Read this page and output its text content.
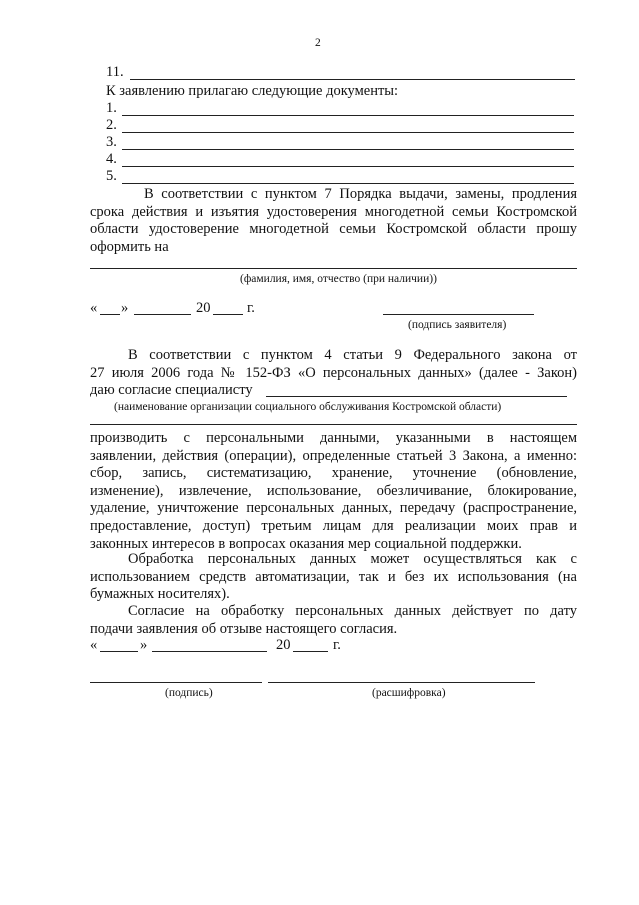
2
11.
К заявлению прилагаю следующие документы:
1.
2.
3.
4.
5.
В соответствии с пунктом 7 Порядка выдачи, замены, продления
срока действия и изъятия удостоверения многодетной семьи Костромской
области удостоверение многодетной семьи Костромской области прошу
оформить на
(фамилия, имя, отчество (при наличии))
« »	20	г.
(подпись заявителя)
В соответствии с пунктом 4 статьи 9 Федерального закона от
27 июля 2006 года № 152-ФЗ «О персональных данных» (далее - Закон)
даю согласие специалисту
(наименование организации социального обслуживания Костромской области)
производить с персональными данными, указанными в настоящем
заявлении, действия (операции), определенные статьей 3 Закона, а именно:
сбор, запись, систематизацию, хранение, уточнение (обновление,
изменение), извлечение, использование, обезличивание, блокирование,
удаление, уничтожение персональных данных, передачу (распространение,
предоставление, доступ) третьим лицам для реализации моих прав и
законных интересов в вопросах оказания мер социальной поддержки.
Обработка персональных данных может осуществляться как с
использованием средств автоматизации, так и без их использования (на
бумажных носителях).
Согласие на обработку персональных данных действует по дату
подачи заявления об отзыве настоящего согласия.
«	»	20	г.
(подпись)	(расшифровка)
